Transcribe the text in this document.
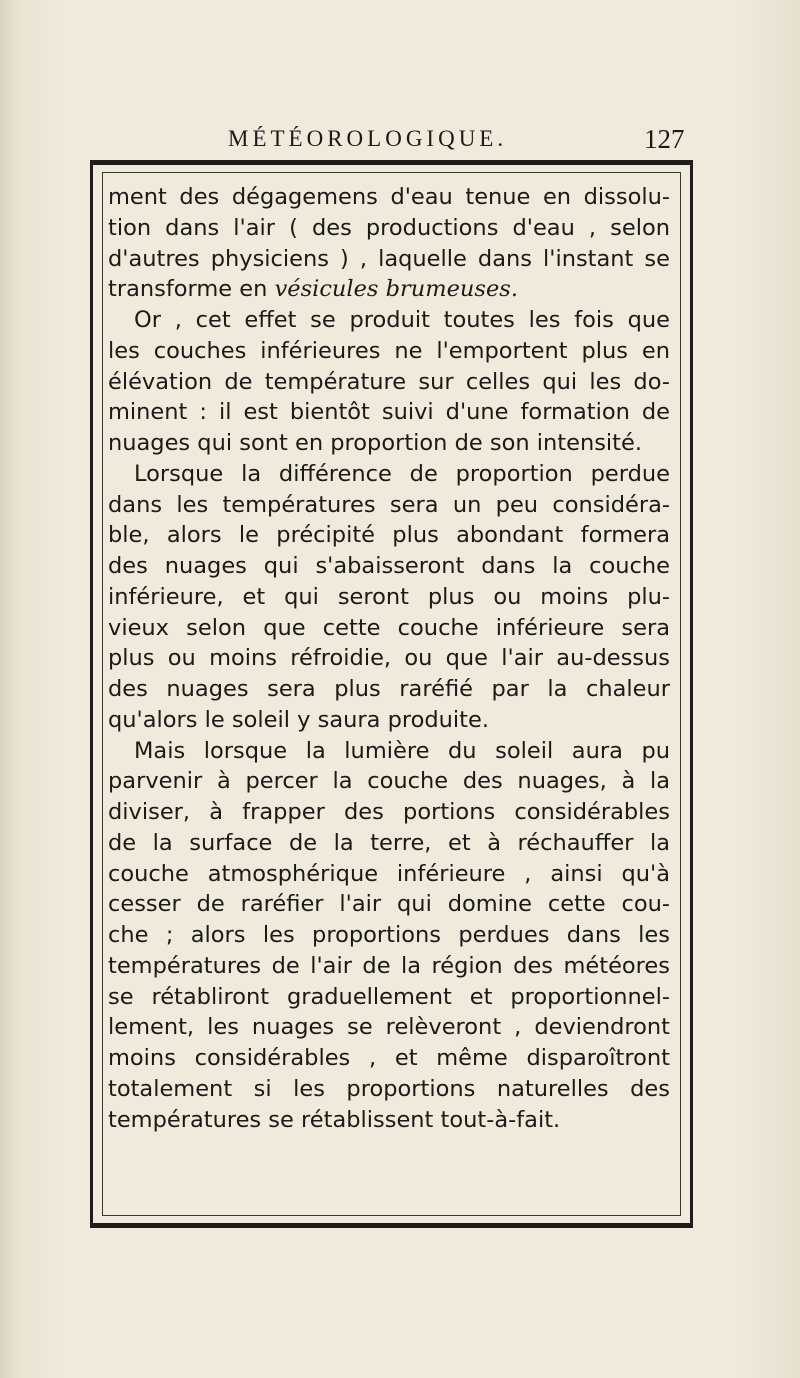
MÉTÉOROLOGIQUE.	127
ment des dégagemens d'eau tenue en dissolu-
tion dans l'air ( des productions d'eau , selon
d'autres physiciens ) , laquelle dans l'instant se
transforme en vésicules brumeuses.
Or , cet effet se produit toutes les fois que
les couches inférieures ne l'emportent plus en
élévation de température sur celles qui les do-
minent : il est bientôt suivi d'une formation de
nuages qui sont en proportion de son intensité.
Lorsque la différence de proportion perdue
dans les températures sera un peu considéra-
ble, alors le précipité plus abondant formera
des nuages qui s'abaisseront dans la couche
inférieure, et qui seront plus ou moins plu-
vieux selon que cette couche inférieure sera
plus ou moins réfroidie, ou que l'air au-dessus
des nuages sera plus raréfié par la chaleur
qu'alors le soleil y saura produite.
Mais lorsque la lumière du soleil aura pu
parvenir à percer la couche des nuages, à la
diviser, à frapper des portions considérables
de la surface de la terre, et à réchauffer la
couche atmosphérique inférieure , ainsi qu'à
cesser de raréfier l'air qui domine cette cou-
che ; alors les proportions perdues dans les
températures de l'air de la région des météores
se rétabliront graduellement et proportionnel-
lement, les nuages se relèveront , deviendront
moins considérables , et même disparoîtront
totalement si les proportions naturelles des
températures se rétablissent tout-à-fait.
